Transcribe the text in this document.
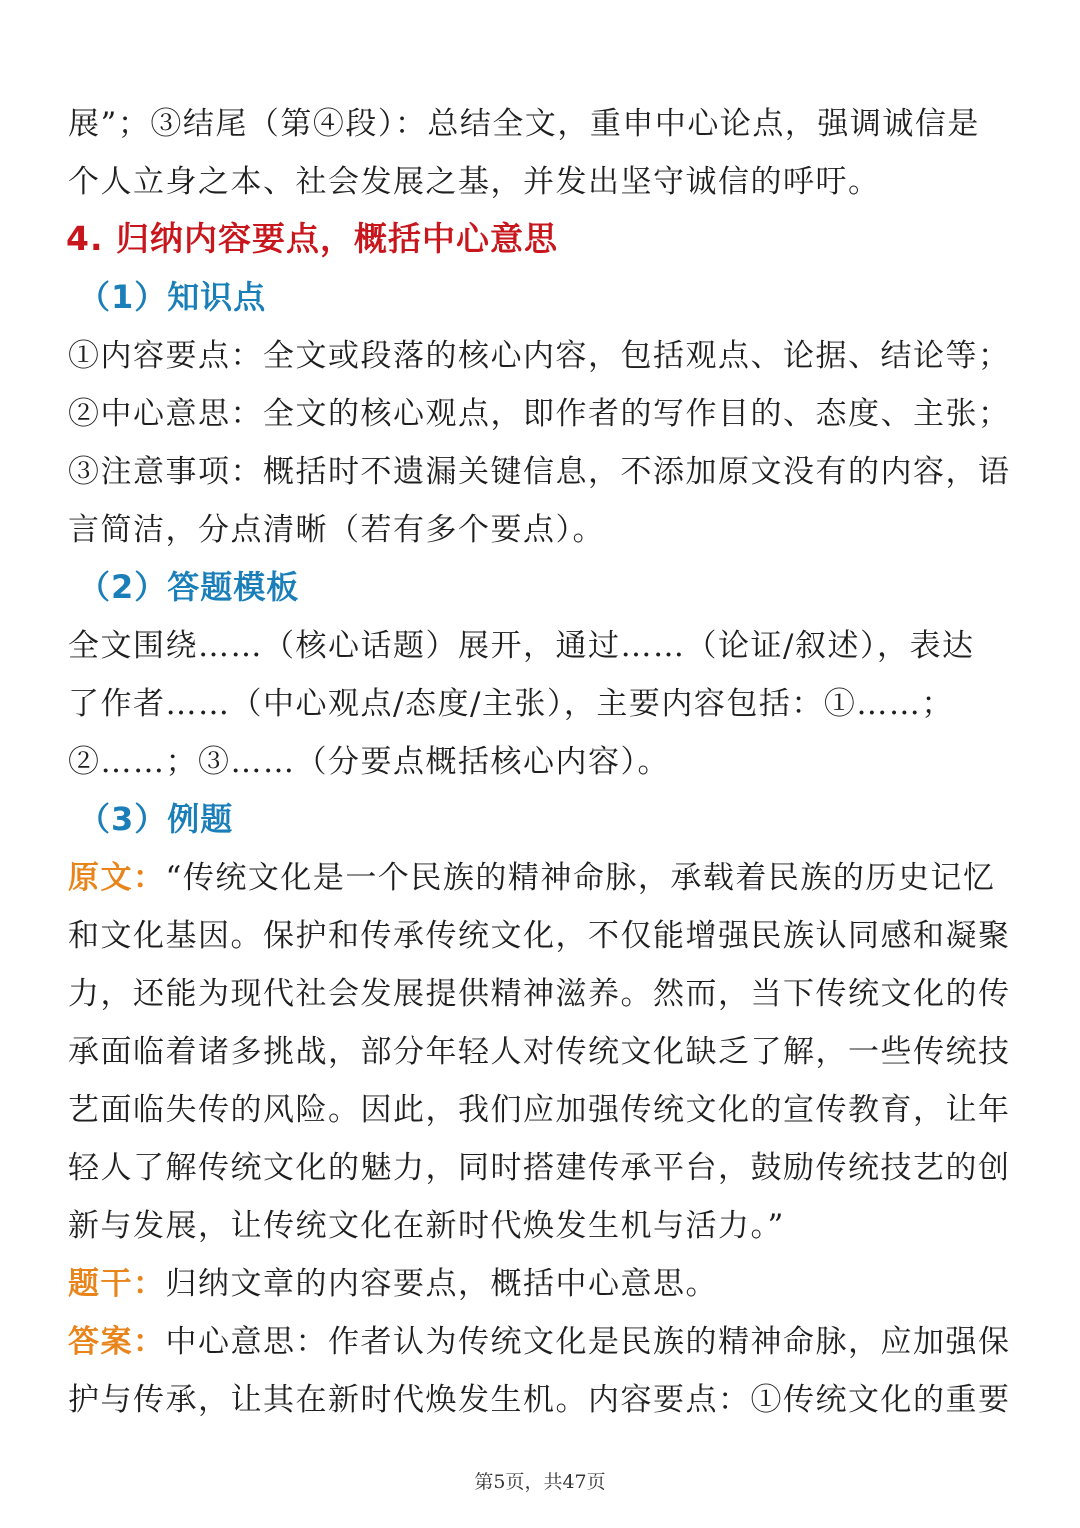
展”；③结尾（第④段）：总结全文，重申中心论点，强调诚信是
个人立身之本、社会发展之基，并发出坚守诚信的呼吁。
4. 归纳内容要点，概括中心意思
（1）知识点
①内容要点：全文或段落的核心内容，包括观点、论据、结论等；
②中心意思：全文的核心观点，即作者的写作目的、态度、主张；
③注意事项：概括时不遗漏关键信息，不添加原文没有的内容，语
言简洁，分点清晰（若有多个要点）。
（2）答题模板
全文围绕……（核心话题）展开，通过……（论证/叙述），表达
了作者……（中心观点/态度/主张），主要内容包括：①……；
②……；③……（分要点概括核心内容）。
（3）例题
原文：“传统文化是一个民族的精神命脉，承载着民族的历史记忆
和文化基因。保护和传承传统文化，不仅能增强民族认同感和凝聚
力，还能为现代社会发展提供精神滋养。然而，当下传统文化的传
承面临着诸多挑战，部分年轻人对传统文化缺乏了解，一些传统技
艺面临失传的风险。因此，我们应加强传统文化的宣传教育，让年
轻人了解传统文化的魅力，同时搭建传承平台，鼓励传统技艺的创
新与发展，让传统文化在新时代焕发生机与活力。”
题干：归纳文章的内容要点，概括中心意思。
答案：中心意思：作者认为传统文化是民族的精神命脉，应加强保
护与传承，让其在新时代焕发生机。内容要点：①传统文化的重要
第5页，共47页
